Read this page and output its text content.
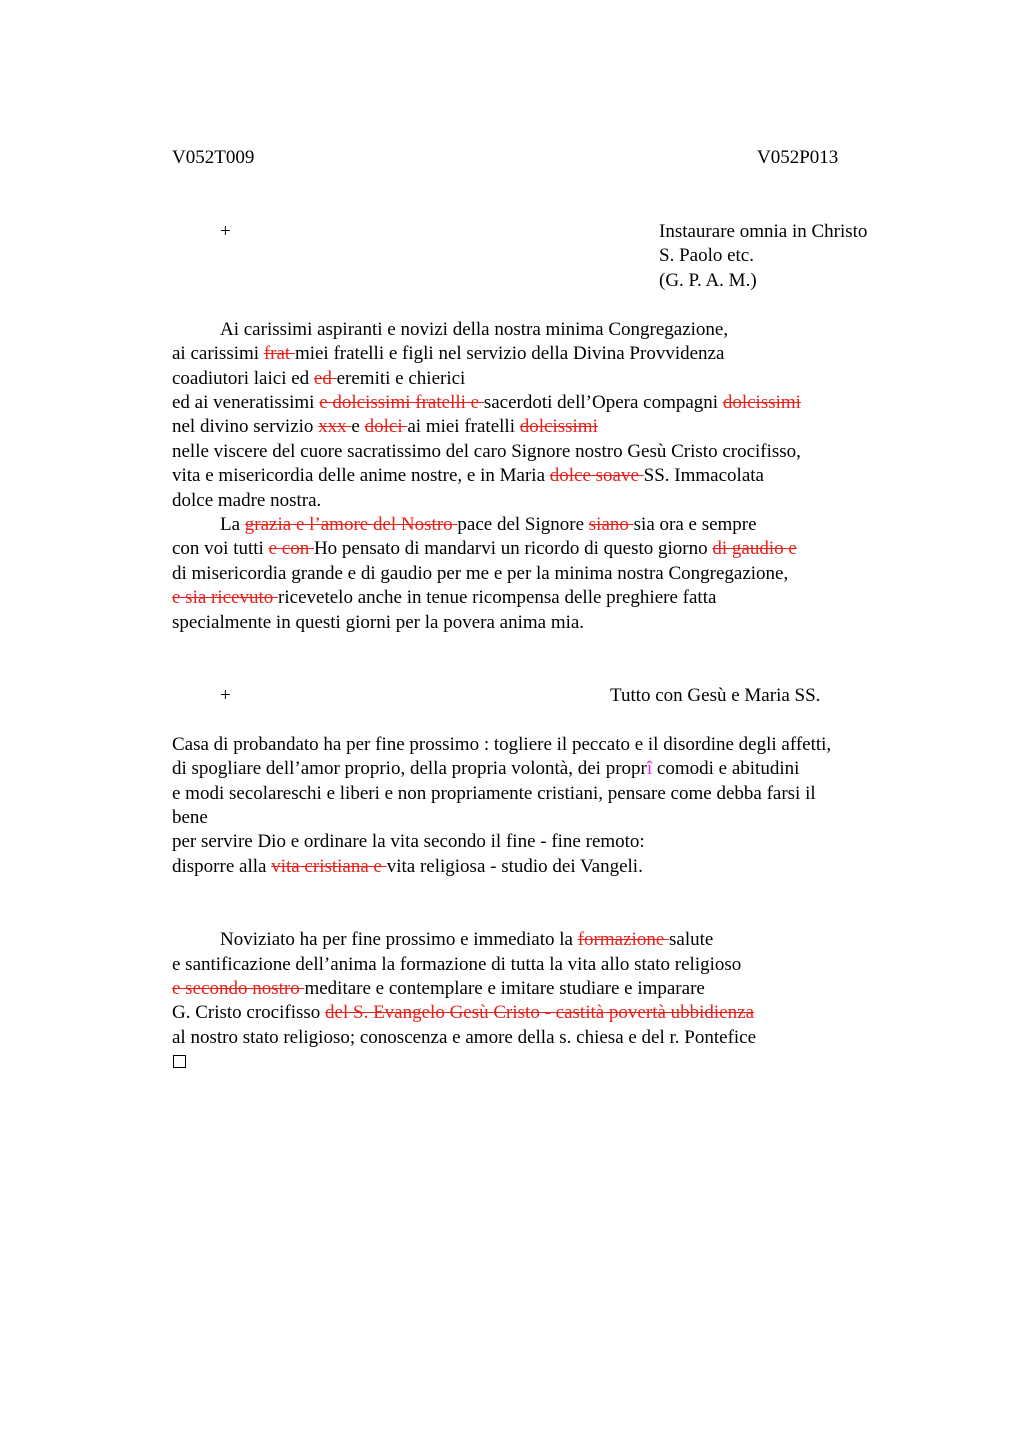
V052T009	V052P013
+	Instaurare omnia in Christo
S. Paolo etc.
(G. P. A. M.)
Ai carissimi aspiranti e novizi della nostra minima Congregazione,
ai carissimi frat miei fratelli e figli nel servizio della Divina Provvidenza
coadiutori laici ed ed eremiti e chierici
ed ai veneratissimi e dolcissimi fratelli e sacerdoti dell’Opera compagni dolcissimi
nel divino servizio xxx e dolci ai miei fratelli dolcissimi
nelle viscere del cuore sacratissimo del caro Signore nostro Gesù Cristo crocifisso,
vita e misericordia delle anime nostre, e in Maria dolce soave SS. Immacolata
dolce madre nostra.
La grazia e l’amore del Nostro pace del Signore siano sia ora e sempre
con voi tutti e con Ho pensato di mandarvi un ricordo di questo giorno di gaudio e
di misericordia grande e di gaudio per me e per la minima nostra Congregazione,
e sia ricevuto ricevetelo anche in tenue ricompensa delle preghiere fatta
specialmente in questi giorni per la povera anima mia.
+	Tutto con Gesù e Maria SS.
Casa di probandato ha per fine prossimo : togliere il peccato e il disordine degli affetti,
di spogliare dell’amor proprio, della propria volontà, dei proprî comodi e abitudini
e modi secolareschi e liberi e non propriamente cristiani, pensare come debba farsi il
bene
per servire Dio e ordinare la vita secondo il fine - fine remoto:
disporre alla vita cristiana e vita religiosa - studio dei Vangeli.
Noviziato ha per fine prossimo e immediato la formazione salute
e santificazione dell’anima la formazione di tutta la vita allo stato religioso
e secondo nostro meditare e contemplare e imitare studiare e imparare
G. Cristo crocifisso del S. Evangelo Gesù Cristo - castità povertà ubbidienza
al nostro stato religioso; conoscenza e amore della s. chiesa e del r. Pontefice
